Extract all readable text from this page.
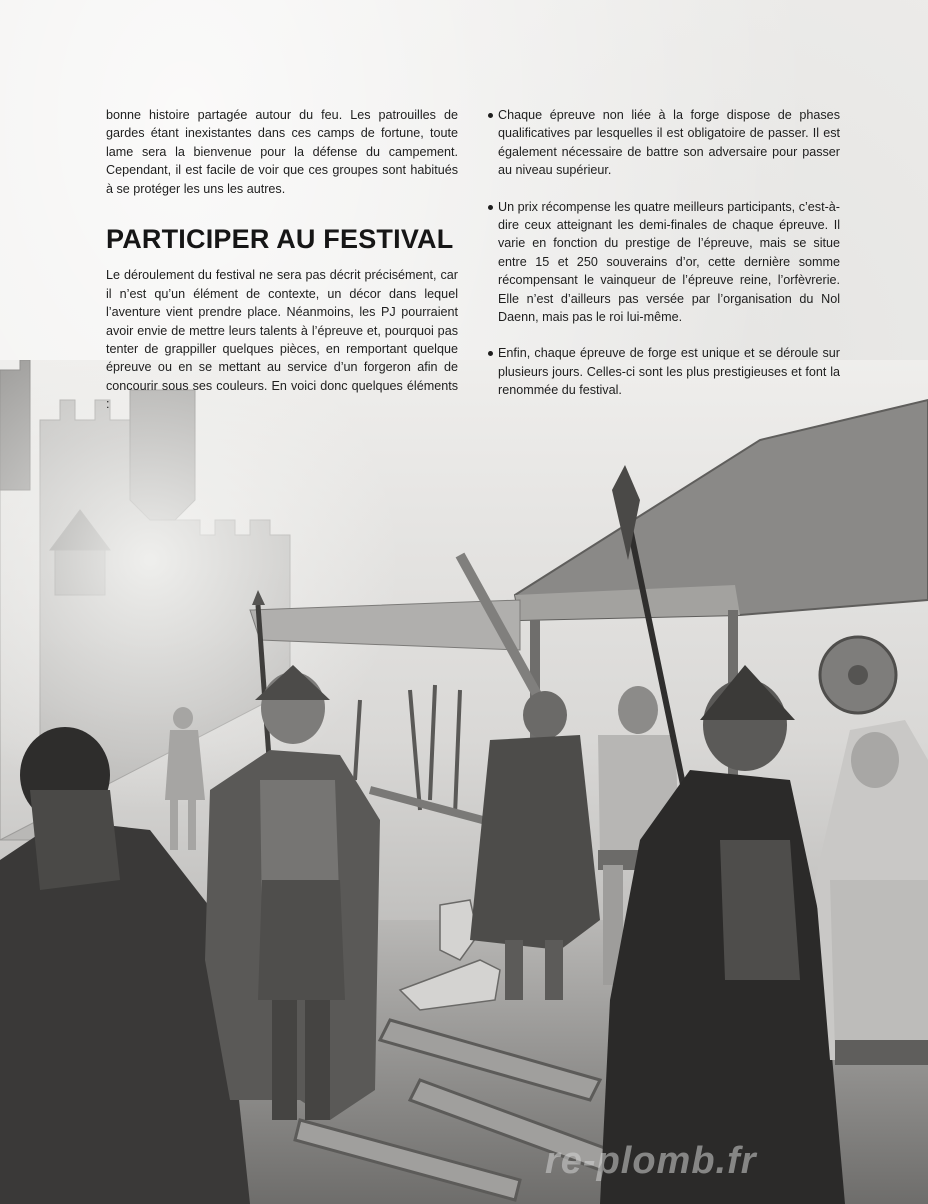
bonne histoire partagée autour du feu. Les patrouilles de gardes étant inexistantes dans ces camps de fortune, toute lame sera la bienvenue pour la défense du campement. Cependant, il est facile de voir que ces groupes sont habitués à se protéger les uns les autres.

PARTICIPER AU FESTIVAL

Le déroulement du festival ne sera pas décrit précisément, car il n’est qu’un élément de contexte, un décor dans lequel l’aventure vient prendre place. Néanmoins, les PJ pourraient avoir envie de mettre leurs talents à l’épreuve et, pourquoi pas tenter de grappiller quelques pièces, en remportant quelque épreuve ou en se mettant au service d’un forgeron afin de concourir sous ses couleurs. En voici donc quelques éléments :

Chaque épreuve non liée à la forge dispose de phases qualificatives par lesquelles il est obligatoire de passer. Il est également nécessaire de battre son adversaire pour passer au niveau supérieur.
Un prix récompense les quatre meilleurs participants, c’est-à-dire ceux atteignant les demi-finales de chaque épreuve. Il varie en fonction du prestige de l’épreuve, mais se situe entre 15 et 250 souverains d’or, cette dernière somme récompensant le vainqueur de l’épreuve reine, l’orfèvrerie. Elle n’est d’ailleurs pas versée par l’organisation du Nol Daenn, mais pas le roi lui-même.
Enfin, chaque épreuve de forge est unique et se déroule sur plusieurs jours. Celles-ci sont les plus prestigieuses et font la renommée du festival.
re-plomb.fr
